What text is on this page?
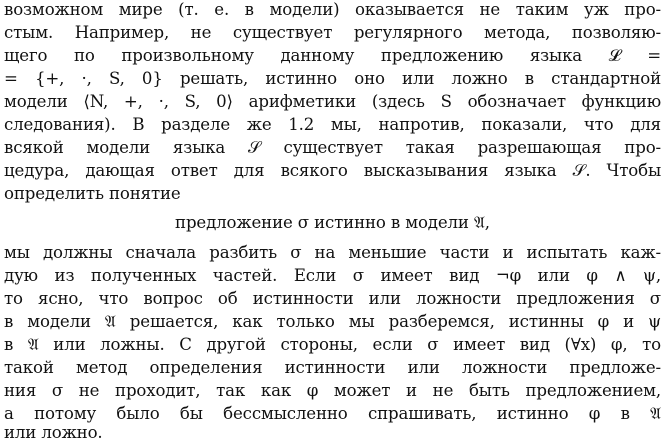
возможном мире (т. е. в модели) оказывается не таким уж про-
стым. Например, не существует регулярного метода, позволяю-
щего по произвольному данному предложению языка 𝓛 =
= {+, ·, S, 0} решать, истинно оно или ложно в стандартной
модели ⟨N, +, ·, S, 0⟩ арифметики (здесь S обозначает функцию
следования). В разделе же 1.2 мы, напротив, показали, что для
всякой модели языка 𝒮 существует такая разрешающая про-
цедура, дающая ответ для всякого высказывания языка 𝒮. Чтобы
определить понятие
предложение σ истинно в модели 𝔄,
мы должны сначала разбить σ на меньшие части и испытать каж-
дую из полученных частей. Если σ имеет вид ¬φ или φ ∧ ψ,
то ясно, что вопрос об истинности или ложности предложения σ
в модели 𝔄 решается, как только мы разберемся, истинны φ и ψ
в 𝔄 или ложны. С другой стороны, если σ имеет вид (∀x) φ, то
такой метод определения истинности или ложности предложе-
ния σ не проходит, так как φ может и не быть предложением,
а потому было бы бессмысленно спрашивать, истинно φ в 𝔄
или ложно.
